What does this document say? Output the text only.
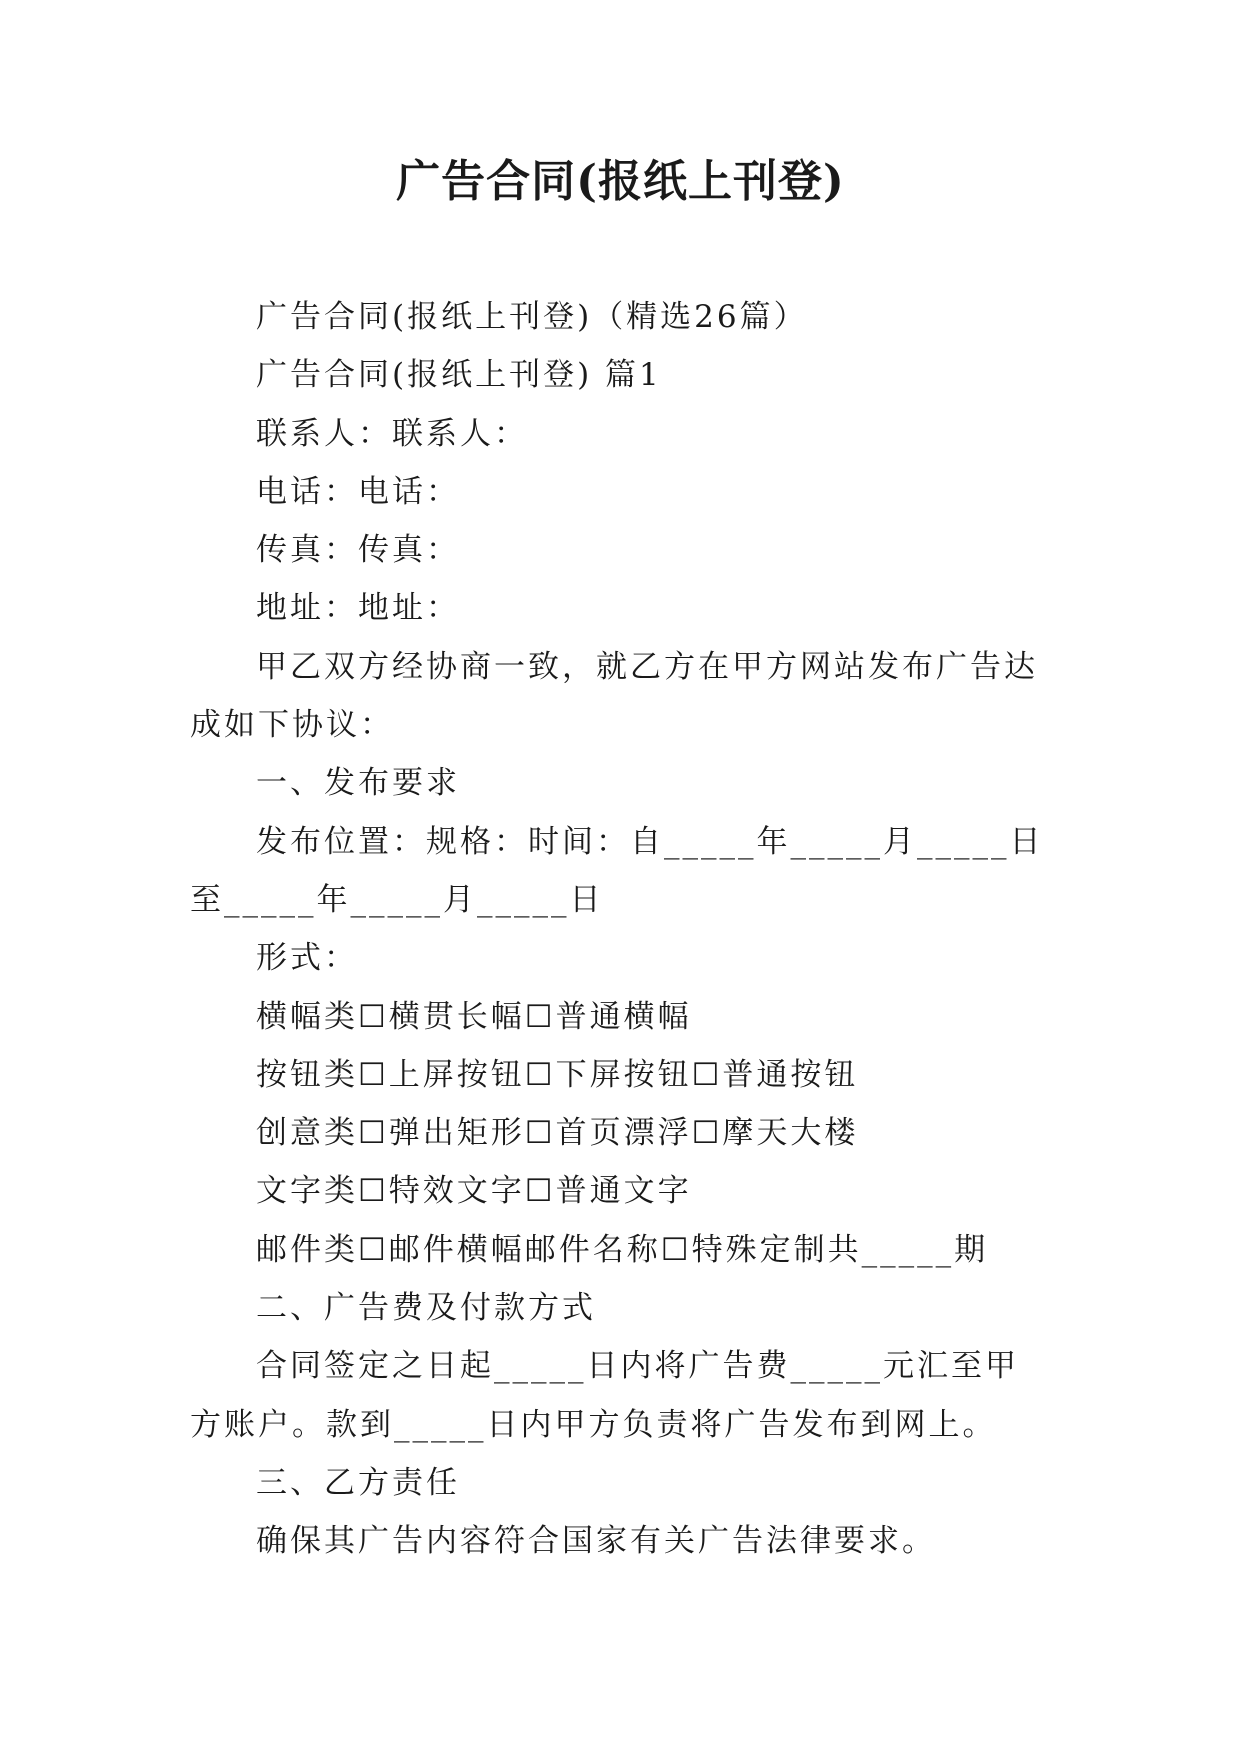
广告合同(报纸上刊登)

广告合同(报纸上刊登)（精选26篇）

广告合同(报纸上刊登) 篇1

联系人：联系人：

电话：电话：

传真：传真：

地址：地址：

甲乙双方经协商一致，就乙方在甲方网站发布广告达成如下协议：

一、发布要求

发布位置：规格：时间：自_____年_____月_____日至_____年_____月_____日

形式：

横幅类☐横贯长幅☐普通横幅

按钮类☐上屏按钮☐下屏按钮☐普通按钮

创意类☐弹出矩形☐首页漂浮☐摩天大楼

文字类☐特效文字☐普通文字

邮件类☐邮件横幅邮件名称☐特殊定制共_____期

二、广告费及付款方式

合同签定之日起_____日内将广告费_____元汇至甲方账户。款到_____日内甲方负责将广告发布到网上。

三、乙方责任

确保其广告内容符合国家有关广告法律要求。
